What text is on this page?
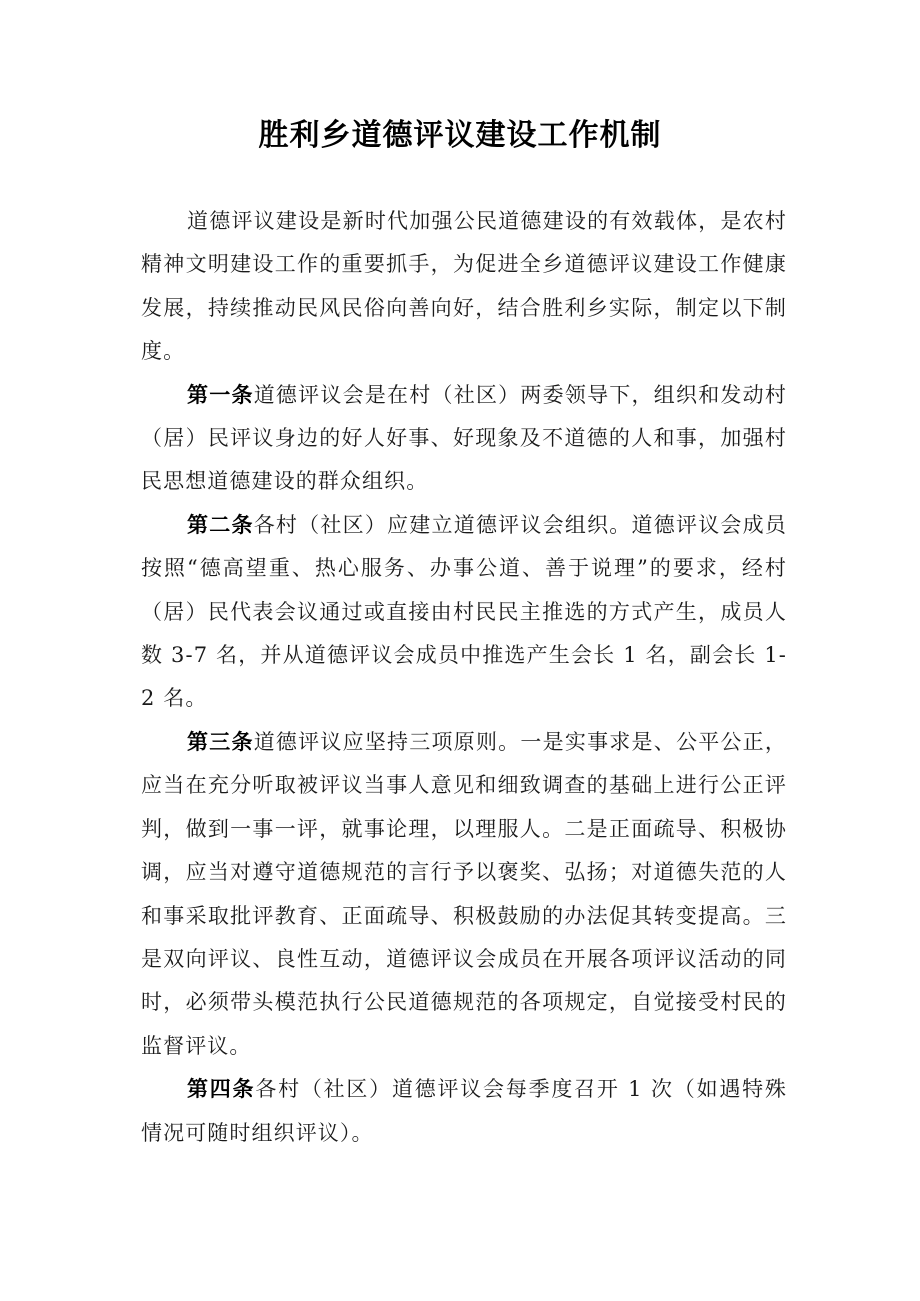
胜利乡道德评议建设工作机制

道德评议建设是新时代加强公民道德建设的有效载体，是农村精神文明建设工作的重要抓手，为促进全乡道德评议建设工作健康发展，持续推动民风民俗向善向好，结合胜利乡实际，制定以下制度。

第一条道德评议会是在村（社区）两委领导下，组织和发动村（居）民评议身边的好人好事、好现象及不道德的人和事，加强村民思想道德建设的群众组织。

第二条各村（社区）应建立道德评议会组织。道德评议会成员按照“德高望重、热心服务、办事公道、善于说理”的要求，经村（居）民代表会议通过或直接由村民民主推选的方式产生，成员人数 3-7 名，并从道德评议会成员中推选产生会长 1 名，副会长 1-2 名。

第三条道德评议应坚持三项原则。一是实事求是、公平公正，应当在充分听取被评议当事人意见和细致调查的基础上进行公正评判，做到一事一评，就事论理，以理服人。二是正面疏导、积极协调，应当对遵守道德规范的言行予以褒奖、弘扬；对道德失范的人和事采取批评教育、正面疏导、积极鼓励的办法促其转变提高。三是双向评议、良性互动，道德评议会成员在开展各项评议活动的同时，必须带头模范执行公民道德规范的各项规定，自觉接受村民的监督评议。

第四条各村（社区）道德评议会每季度召开 1 次（如遇特殊情况可随时组织评议）。
